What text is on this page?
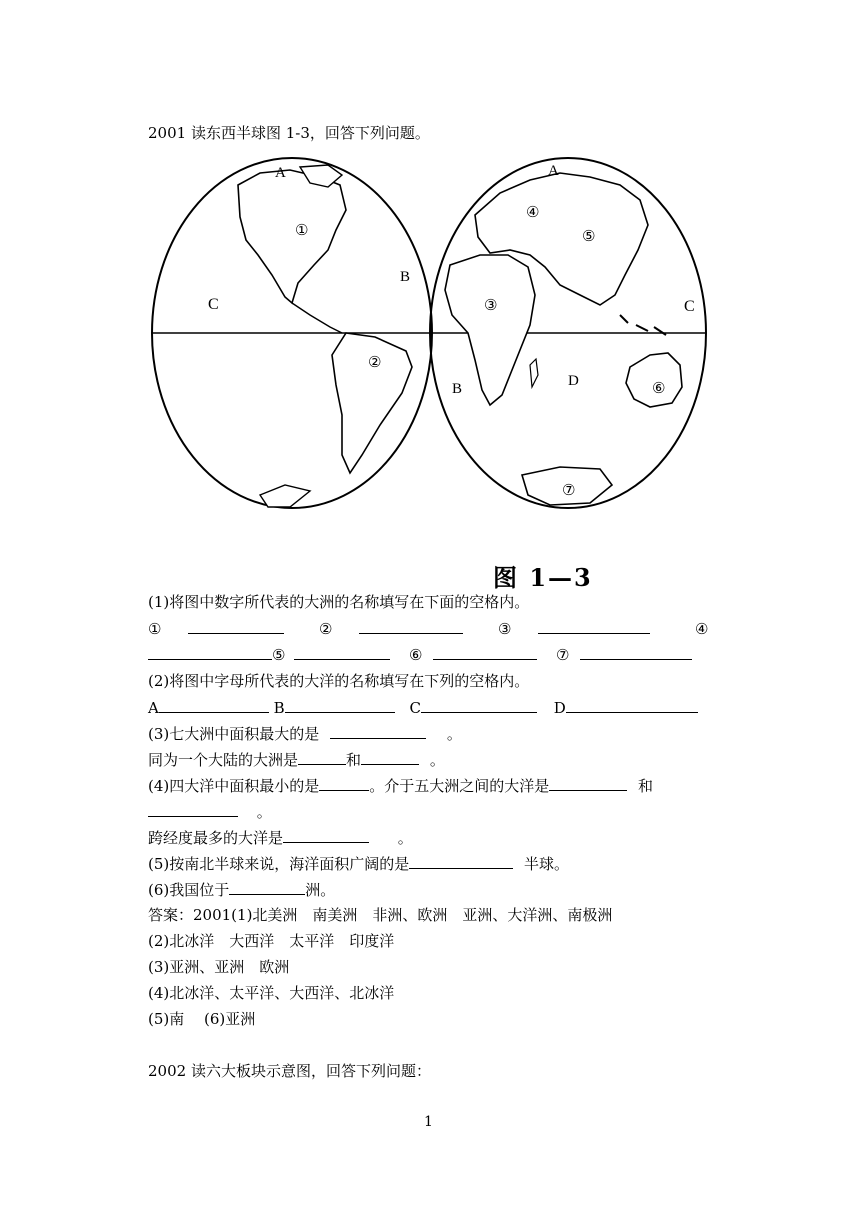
2001 读东西半球图 1-3，回答下列问题。
A
B
C
①
②
A
B
C
D
③
④
⑤
⑥
⑦
图 1—3
(1)将图中数字所代表的大洲的名称填写在下面的空格内。
①	②	③	④
⑤	⑥	⑦
(2)将图中字母所代表的大洋的名称填写在下列的空格内。
A	B	C	D
(3)七大洲中面积最大的是	。
同为一个大陆的大洲是	和	。
(4)四大洋中面积最小的是	。介于五大洲之间的大洋是	和
。
跨经度最多的大洋是	。
(5)按南北半球来说，海洋面积广阔的是	半球。
(6)我国位于	洲。
答案：2001(1)北美洲　南美洲　非洲、欧洲　亚洲、大洋洲、南极洲
(2)北冰洋　大西洋　太平洋　印度洋
(3)亚洲、亚洲　欧洲
(4)北冰洋、太平洋、大西洋、北冰洋
(5)南　 (6)亚洲
2002 读六大板块示意图，回答下列问题：
1
